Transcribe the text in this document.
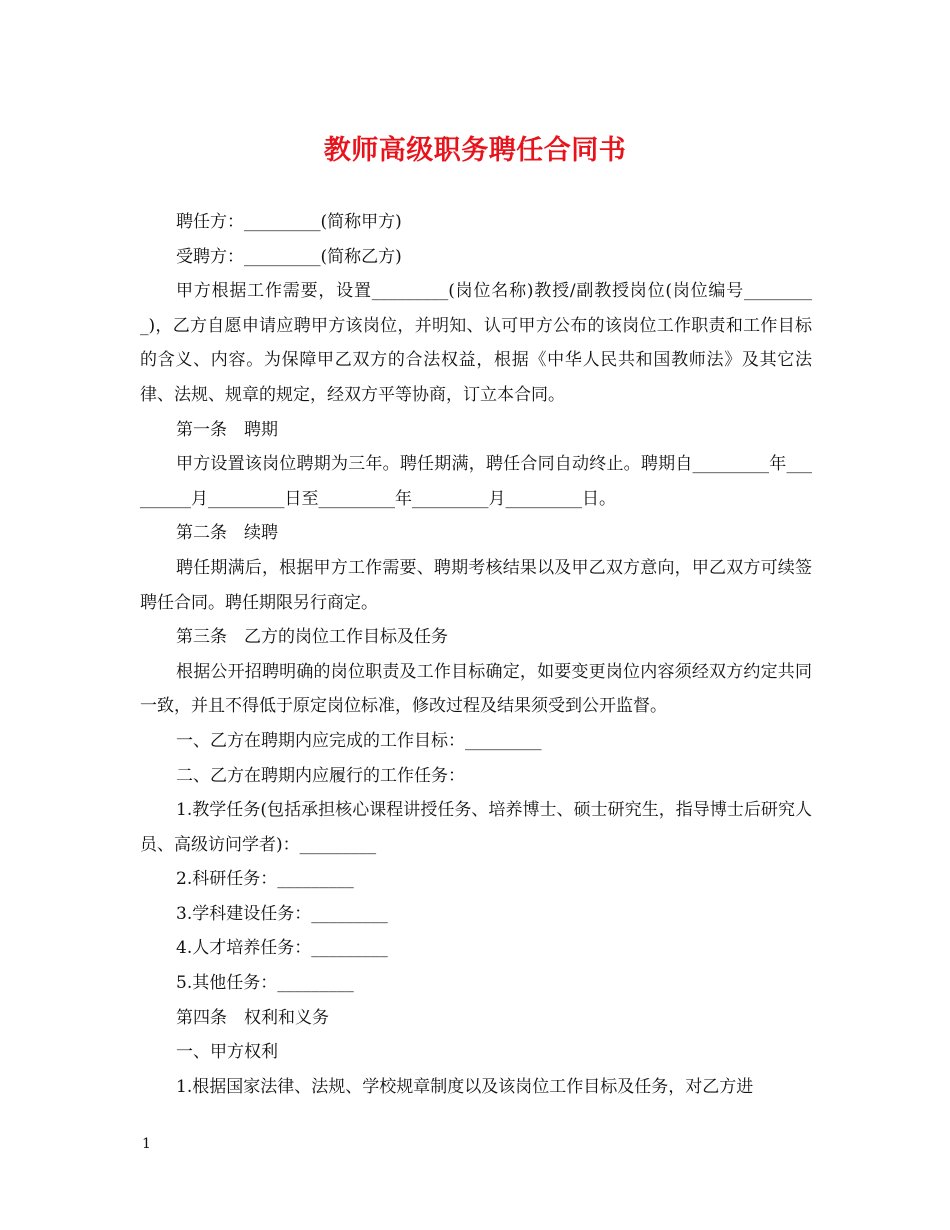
教师高级职务聘任合同书

聘任方：_________(简称甲方)

受聘方：_________(简称乙方)

甲方根据工作需要，设置_________(岗位名称)教授/副教授岗位(岗位编号_________)，乙方自愿申请应聘甲方该岗位，并明知、认可甲方公布的该岗位工作职责和工作目标的含义、内容。为保障甲乙双方的合法权益，根据《中华人民共和国教师法》及其它法律、法规、规章的规定，经双方平等协商，订立本合同。

第一条　聘期

甲方设置该岗位聘期为三年。聘任期满，聘任合同自动终止。聘期自_________年_________月_________日至_________年_________月_________日。

第二条　续聘

聘任期满后，根据甲方工作需要、聘期考核结果以及甲乙双方意向，甲乙双方可续签聘任合同。聘任期限另行商定。

第三条　乙方的岗位工作目标及任务

根据公开招聘明确的岗位职责及工作目标确定，如要变更岗位内容须经双方约定共同一致，并且不得低于原定岗位标准，修改过程及结果须受到公开监督。

一、乙方在聘期内应完成的工作目标：_________

二、乙方在聘期内应履行的工作任务：

1.教学任务(包括承担核心课程讲授任务、培养博士、硕士研究生，指导博士后研究人员、高级访问学者)：_________

2.科研任务：_________

3.学科建设任务：_________

4.人才培养任务：_________

5.其他任务：_________

第四条　权利和义务

一、甲方权利

1.根据国家法律、法规、学校规章制度以及该岗位工作目标及任务，对乙方进

1
